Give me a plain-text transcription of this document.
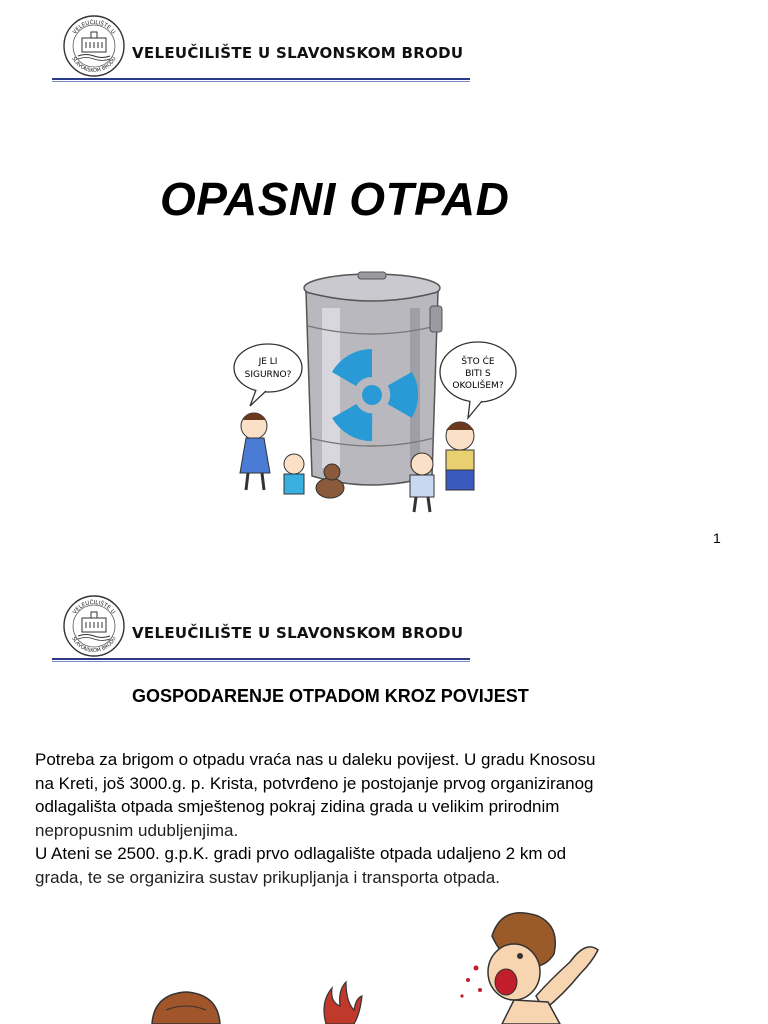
VELEUČILIŠTE U
SLAVONSKOM BRODU VELEUČILIŠTE U SLAVONSKOM BRODU
OPASNI OTPAD
JE LI
SIGURNO?
ŠTO ĆE
BITI S
OKOLIŠEM?
1
VELEUČILIŠTE U
SLAVONSKOM BRODU VELEUČILIŠTE U SLAVONSKOM BRODU
GOSPODARENJE OTPADOM KROZ POVIJEST
Potreba za brigom o otpadu vraća nas u daleku povijest. U gradu Knososu
na Kreti, još 3000.g. p. Krista, potvrđeno je postojanje prvog organiziranog
odlagališta otpada smještenog pokraj zidina grada u velikim prirodnim
nepropusnim udubljenjima.
U Ateni se 2500. g.p.K. gradi prvo odlagalište otpada udaljeno 2 km od
grada, te se organizira sustav prikupljanja i transporta otpada.
